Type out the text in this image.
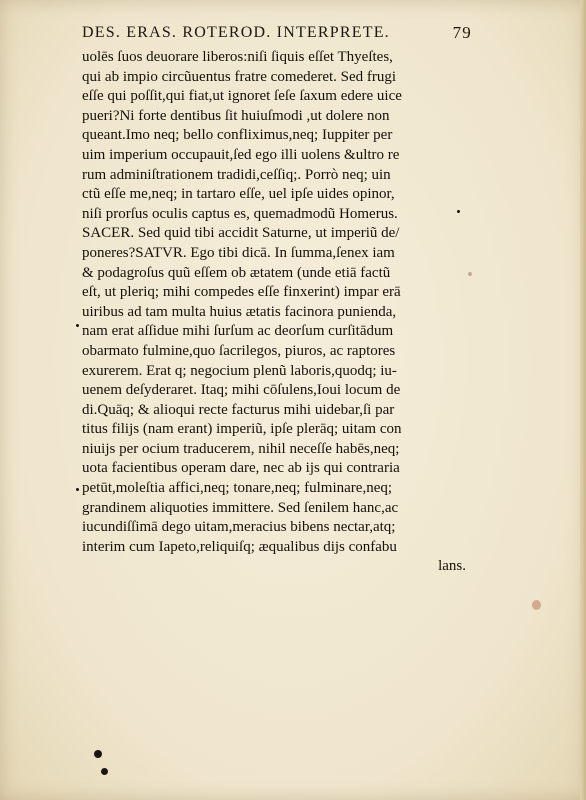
DES. ERAS. ROTEROD. INTERPRETE.	79
uolēs ſuos deuorare liberos:niſi ſiquis eſſet Thyeſtes,
qui ab impio circũuentus fratre comederet. Sed frugi
eſſe qui poſſit,qui fiat,ut ignoret ſeſe ſaxum edere uice
pueri?Ni forte dentibus ſit huiuſmodi ,ut dolere non
queant.Imo neq; bello confliximus,neq; Iuppiter per
uim imperium occupauit,ſed ego illi uolens &ultro re
rum adminiſtrationem tradidi,ceſſiq;. Porrò neq; uin
ctũ eſſe me,neq; in tartaro eſſe, uel ipſe uides opinor,
niſi prorſus oculis captus es, quemadmodũ Homerus.
SACER. Sed quid tibi accidit Saturne, ut imperiũ de/
poneres?SATVR. Ego tibi dicā. In ſumma,ſenex iam
& podagroſus quũ eſſem ob ætatem (unde etiā factũ
eſt, ut pleriq; mihi compedes eſſe finxerint) impar erā
uiribus ad tam multa huius ætatis facinora punienda,
nam erat aſſidue mihi ſurſum ac deorſum curſitādum
obarmato fulmine,quo ſacrilegos, piuros, ac raptores
exurerem. Erat q; negocium plenũ laboris,quodq; iu-
uenem deſyderaret. Itaq; mihi cōſulens,Ioui locum de
di.Quāq; & alioqui recte facturus mihi uidebar,ſi par
titus filijs (nam erant) imperiũ, ipſe plerāq; uitam con
niuijs per ocium traducerem, nihil neceſſe habēs,neq;
uota facientibus operam dare, nec ab ijs qui contraria
petūt,moleſtia affici,neq; tonare,neq; fulminare,neq;
grandinem aliquoties immittere. Sed ſenilem hanc,ac
iucundiſſimā dego uitam,meracius bibens nectar,atq;
interim cum Iapeto,reliquiſq; æqualibus dijs confabu
lans.
